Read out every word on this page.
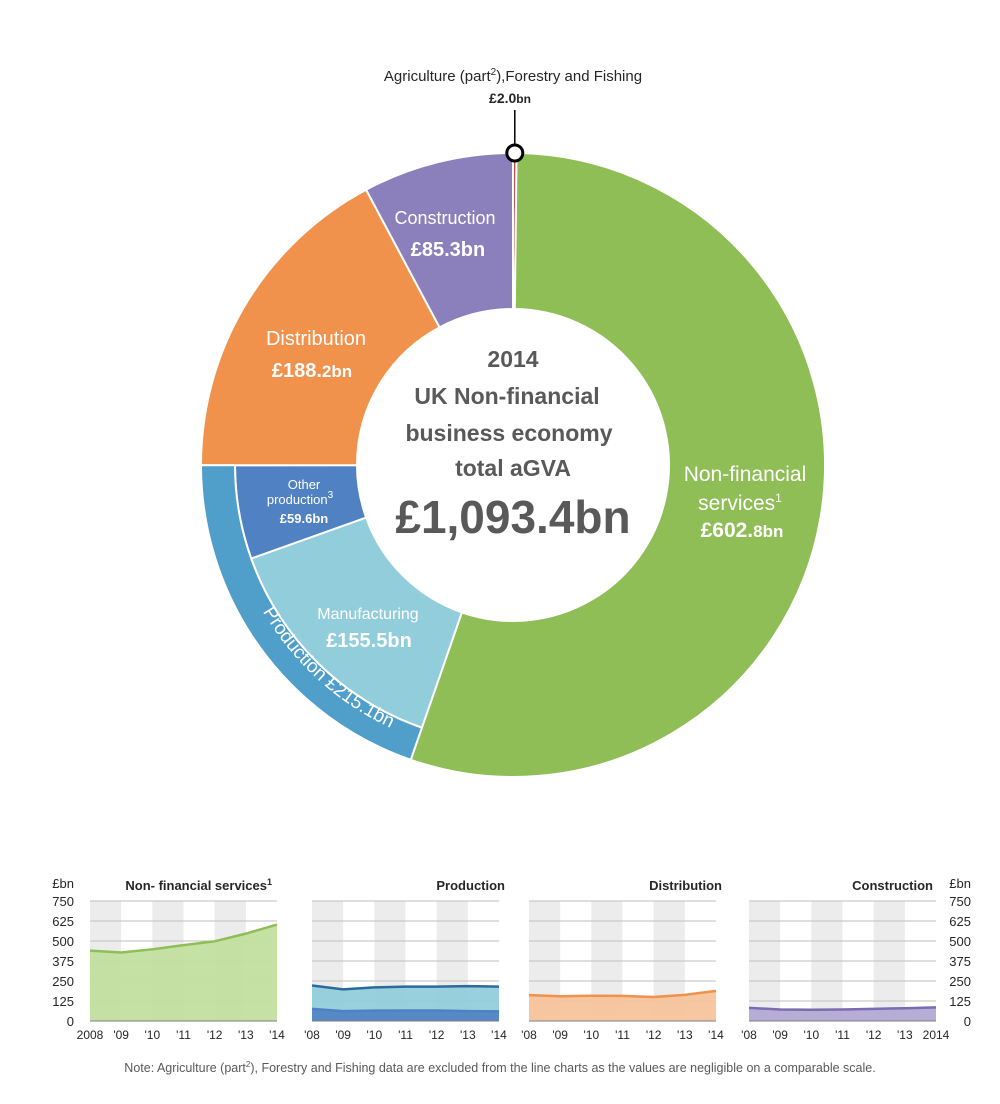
Agriculture (part$^2$),Forestry and Fishing
£2.0bn
2014
UK Non-financial
business economy
total aGVA
£1,093.4bn
Non-financial
services$^1$
£602.8bn
Construction
£85.3bn
Distribution
£188.2bn
Other
production$^3$
£59.6bn
Manufacturing
£155.5bn
Production £215.1bn
2008 '09 '10 '11 '12 '13 '14
Non- financial services$^1$
£bn
0
125
250
375
500
625
750
'08 '09 '10 '11 '12 '13 '14
Production
'08 '09 '10 '11 '12 '13 '14
Distribution
'08 '09 '10 '11 '12 '13 2014
Construction £bn
0
125
250
375
500
625
750
Note: Agriculture (part$^2$), Forestry and Fishing data are excluded from the line charts as the values are negligible on a comparable scale.
